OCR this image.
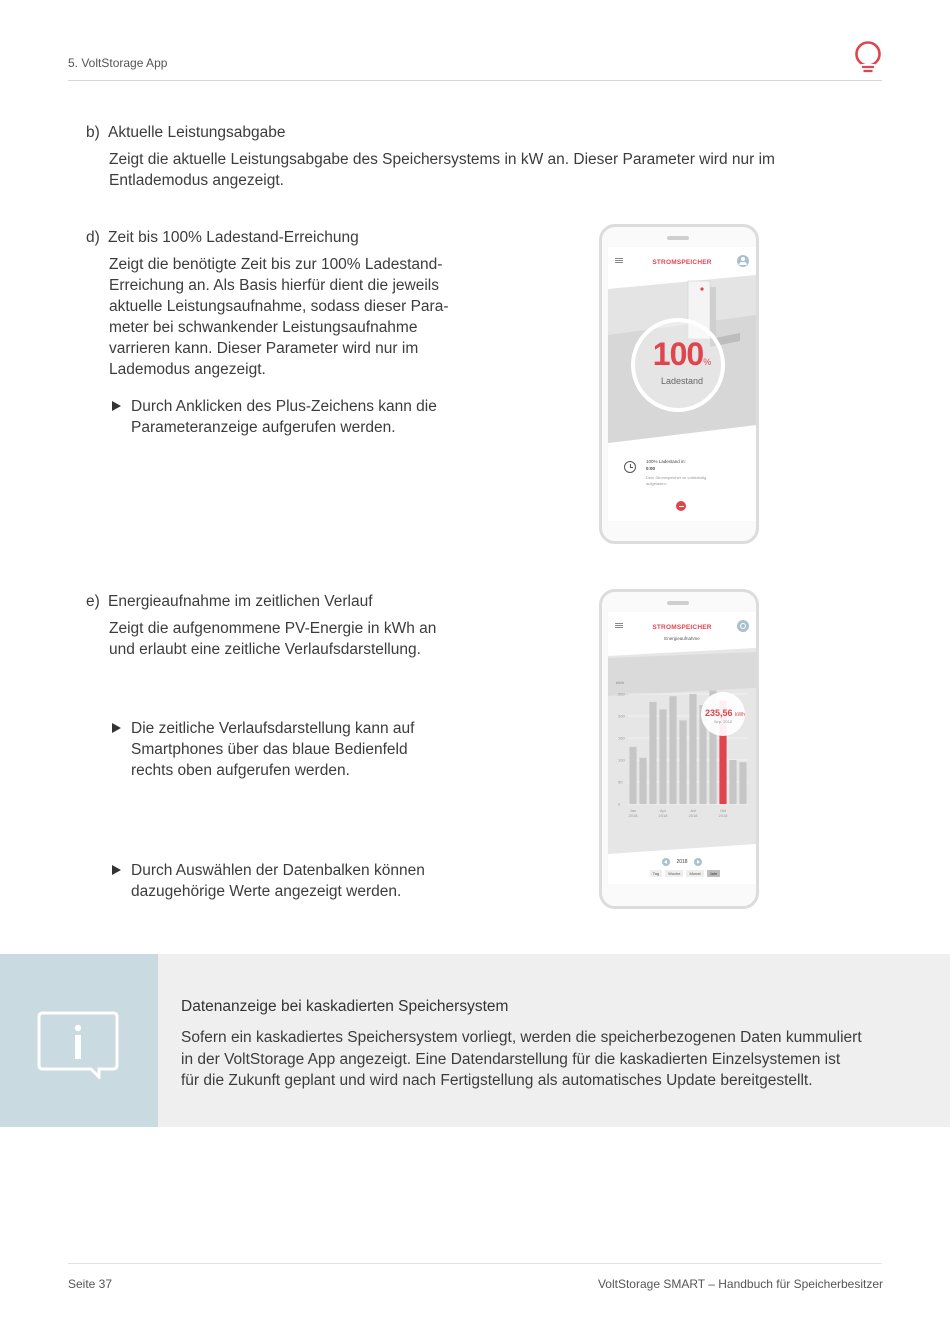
5. VoltStorage App
b) Aktuelle Leistungsabgabe
Zeigt die aktuelle Leistungsabgabe des Speichersystems in kW an. Dieser Parameter wird nur im
Entlademodus angezeigt.
d) Zeit bis 100% Ladestand-Erreichung
Zeigt die benötigte Zeit bis zur 100% Ladestand-
Erreichung an. Als Basis hierfür dient die jeweils
aktuelle Leistungsaufnahme, sodass dieser Para-
meter bei schwankender Leistungsaufnahme
varrieren kann. Dieser Parameter wird nur im
Lademodus angezeigt.
Durch Anklicken des Plus-Zeichens kann die
Parameteranzeige aufgerufen werden.
STROMSPEICHER
100%
Ladestand
100% Ladestand in:
0:00
Dein Stromspeicher ist vollständig
aufgeladen.
e) Energieaufnahme im zeitlichen Verlauf
Zeigt die aufgenommene PV-Energie in kWh an
und erlaubt eine zeitliche Verlaufsdarstellung.
Die zeitliche Verlaufsdarstellung kann auf
Smartphones über das blaue Bedienfeld
rechts oben aufgerufen werden.
Durch Auswählen der Datenbalken können
dazugehörige Werte angezeigt werden.
STROMSPEICHER
Energieaufnahme
kWh
250
200
150
100
50
0
Jan
2018
Apr
2018
Juli
2018
Okt
2018
235,56 kWh
Sep. 2018
2018
Tag	Woche	Monat	Jahr
Datenanzeige bei kaskadierten Speichersystem
Sofern ein kaskadiertes Speichersystem vorliegt, werden die speicherbezogenen Daten kummuliert
in der VoltStorage App angezeigt. Eine Datendarstellung für die kaskadierten Einzelsystemen ist
für die Zukunft geplant und wird nach Fertigstellung als automatisches Update bereitgestellt.
Seite 37	VoltStorage SMART – Handbuch für Speicherbesitzer
